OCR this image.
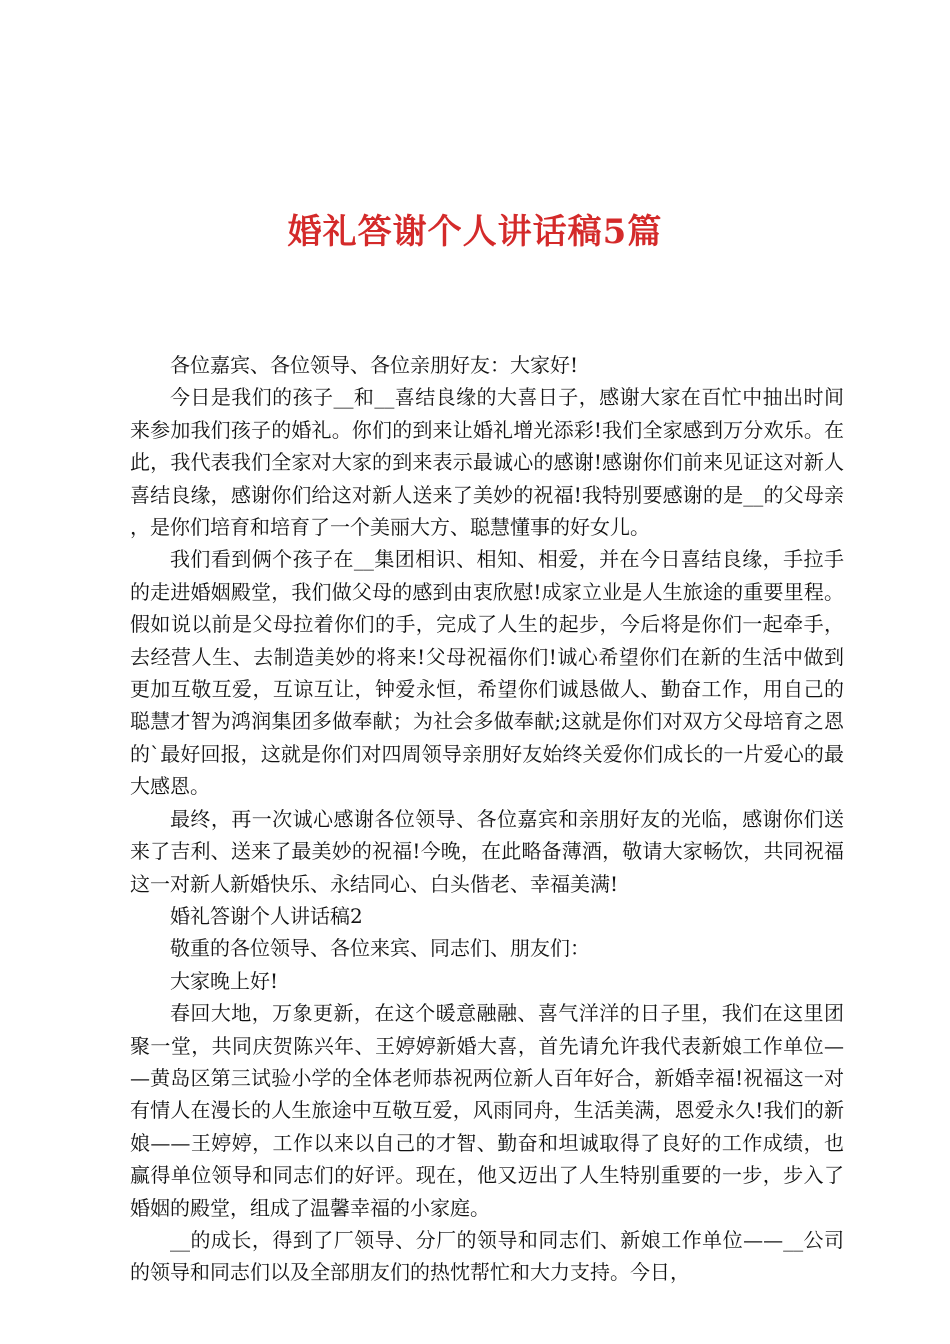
婚礼答谢个人讲话稿5篇

各位嘉宾、各位领导、各位亲朋好友：大家好!

今日是我们的孩子__和__喜结良缘的大喜日子，感谢大家在百忙中抽出时间来参加我们孩子的婚礼。你们的到来让婚礼增光添彩!我们全家感到万分欢乐。在此，我代表我们全家对大家的到来表示最诚心的感谢!感谢你们前来见证这对新人喜结良缘，感谢你们给这对新人送来了美妙的祝福!我特别要感谢的是__的父母亲，是你们培育和培育了一个美丽大方、聪慧懂事的好女儿。

我们看到俩个孩子在__集团相识、相知、相爱，并在今日喜结良缘，手拉手的走进婚姻殿堂，我们做父母的感到由衷欣慰!成家立业是人生旅途的重要里程。假如说以前是父母拉着你们的手，完成了人生的起步，今后将是你们一起牵手，去经营人生、去制造美妙的将来!父母祝福你们!诚心希望你们在新的生活中做到更加互敬互爱，互谅互让，钟爱永恒，希望你们诚恳做人、勤奋工作，用自己的聪慧才智为鸿润集团多做奉献；为社会多做奉献;这就是你们对双方父母培育之恩的`最好回报，这就是你们对四周领导亲朋好友始终关爱你们成长的一片爱心的最大感恩。

最终，再一次诚心感谢各位领导、各位嘉宾和亲朋好友的光临，感谢你们送来了吉利、送来了最美妙的祝福!今晚，在此略备薄酒，敬请大家畅饮，共同祝福这一对新人新婚快乐、永结同心、白头偕老、幸福美满!

婚礼答谢个人讲话稿2

敬重的各位领导、各位来宾、同志们、朋友们：

大家晚上好!

春回大地，万象更新，在这个暖意融融、喜气洋洋的日子里，我们在这里团聚一堂，共同庆贺陈兴年、王婷婷新婚大喜，首先请允许我代表新娘工作单位——黄岛区第三试验小学的全体老师恭祝两位新人百年好合，新婚幸福!祝福这一对有情人在漫长的人生旅途中互敬互爱，风雨同舟，生活美满，恩爱永久!我们的新娘——王婷婷，工作以来以自己的才智、勤奋和坦诚取得了良好的工作成绩，也赢得单位领导和同志们的好评。现在，他又迈出了人生特别重要的一步，步入了婚姻的殿堂，组成了温馨幸福的小家庭。

__的成长，得到了厂领导、分厂的领导和同志们、新娘工作单位——__公司的领导和同志们以及全部朋友们的热忱帮忙和大力支持。今日，
